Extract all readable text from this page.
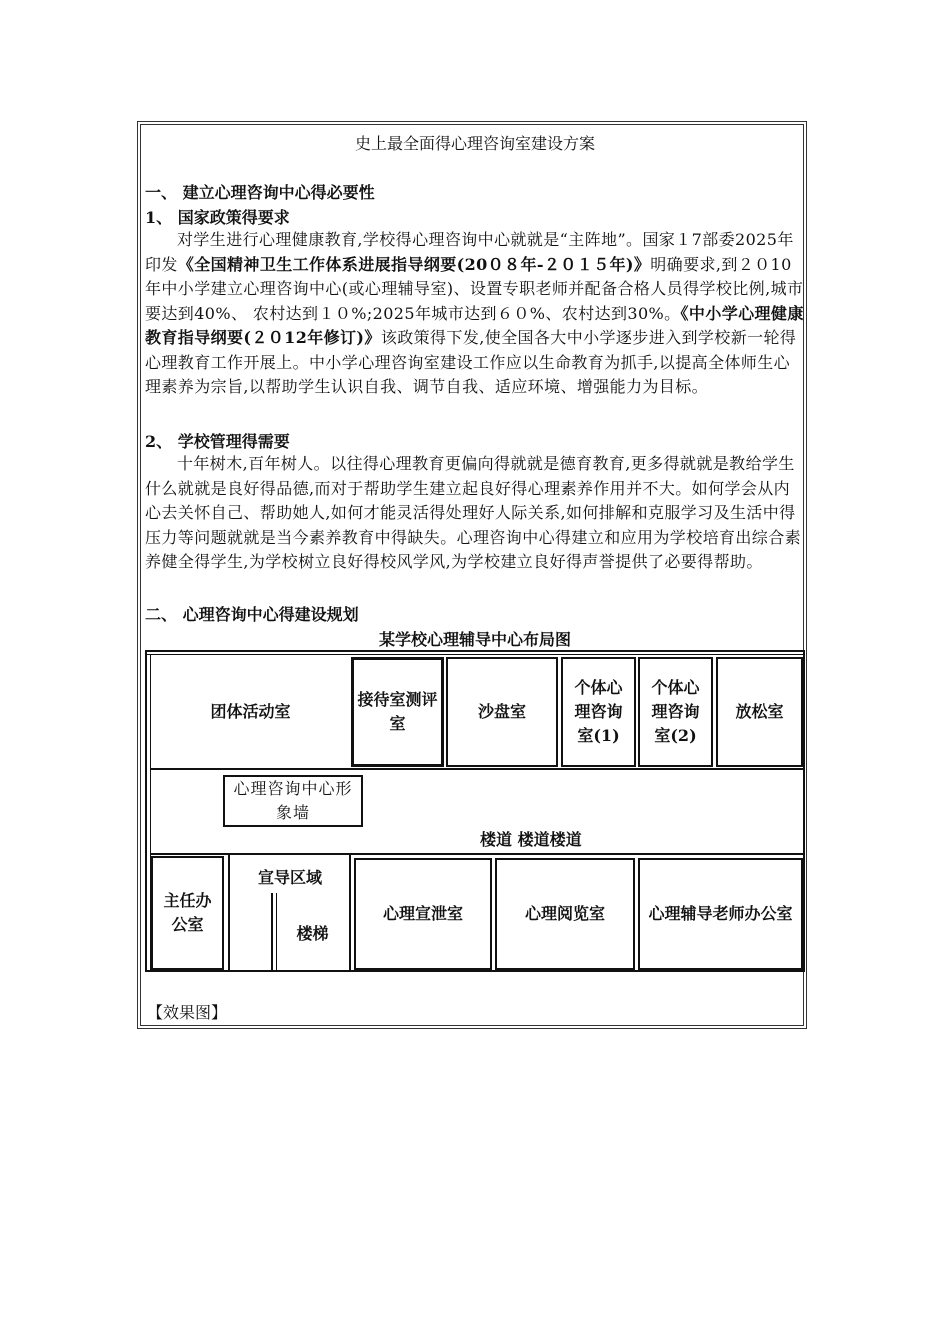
史上最全面得心理咨询室建设方案
一、 建立心理咨询中心得必要性
1、 国家政策得要求
对学生进行心理健康教育,学校得心理咨询中心就就是“主阵地”。国家１7部委2025年印发《全国精神卫生工作体系进展指导纲要(20０８年-２０１５年)》明确要求,到２０10年中小学建立心理咨询中心(或心理辅导室)、设置专职老师并配备合格人员得学校比例,城市要达到40%、 农村达到１０%;2025年城市达到６０%、农村达到30%。《中小学心理健康教育指导纲要(２０12年修订)》该政策得下发,使全国各大中小学逐步进入到学校新一轮得心理教育工作开展上。中小学心理咨询室建设工作应以生命教育为抓手,以提高全体师生心理素养为宗旨,以帮助学生认识自我、调节自我、适应环境、增强能力为目标。
2、 学校管理得需要
十年树木,百年树人。以往得心理教育更偏向得就就是德育教育,更多得就就是教给学生什么就就是良好得品德,而对于帮助学生建立起良好得心理素养作用并不大。如何学会从内心去关怀自己、帮助她人,如何才能灵活得处理好人际关系,如何排解和克服学习及生活中得压力等问题就就是当今素养教育中得缺失。心理咨询中心得建立和应用为学校培育出综合素养健全得学生,为学校树立良好得校风学风,为学校建立良好得声誉提供了必要得帮助。
二、 心理咨询中心得建设规划
某学校心理辅导中心布局图
团体活动室
接待室测评室
沙盘室
个体心理咨询室(1)
个体心理咨询室(2)
放松室
心理咨询中心形象墙
楼道 楼道楼道
主任办公室
宣导区域
楼梯
心理宣泄室	心理阅览室	心理辅导老师办公室
【效果图】
